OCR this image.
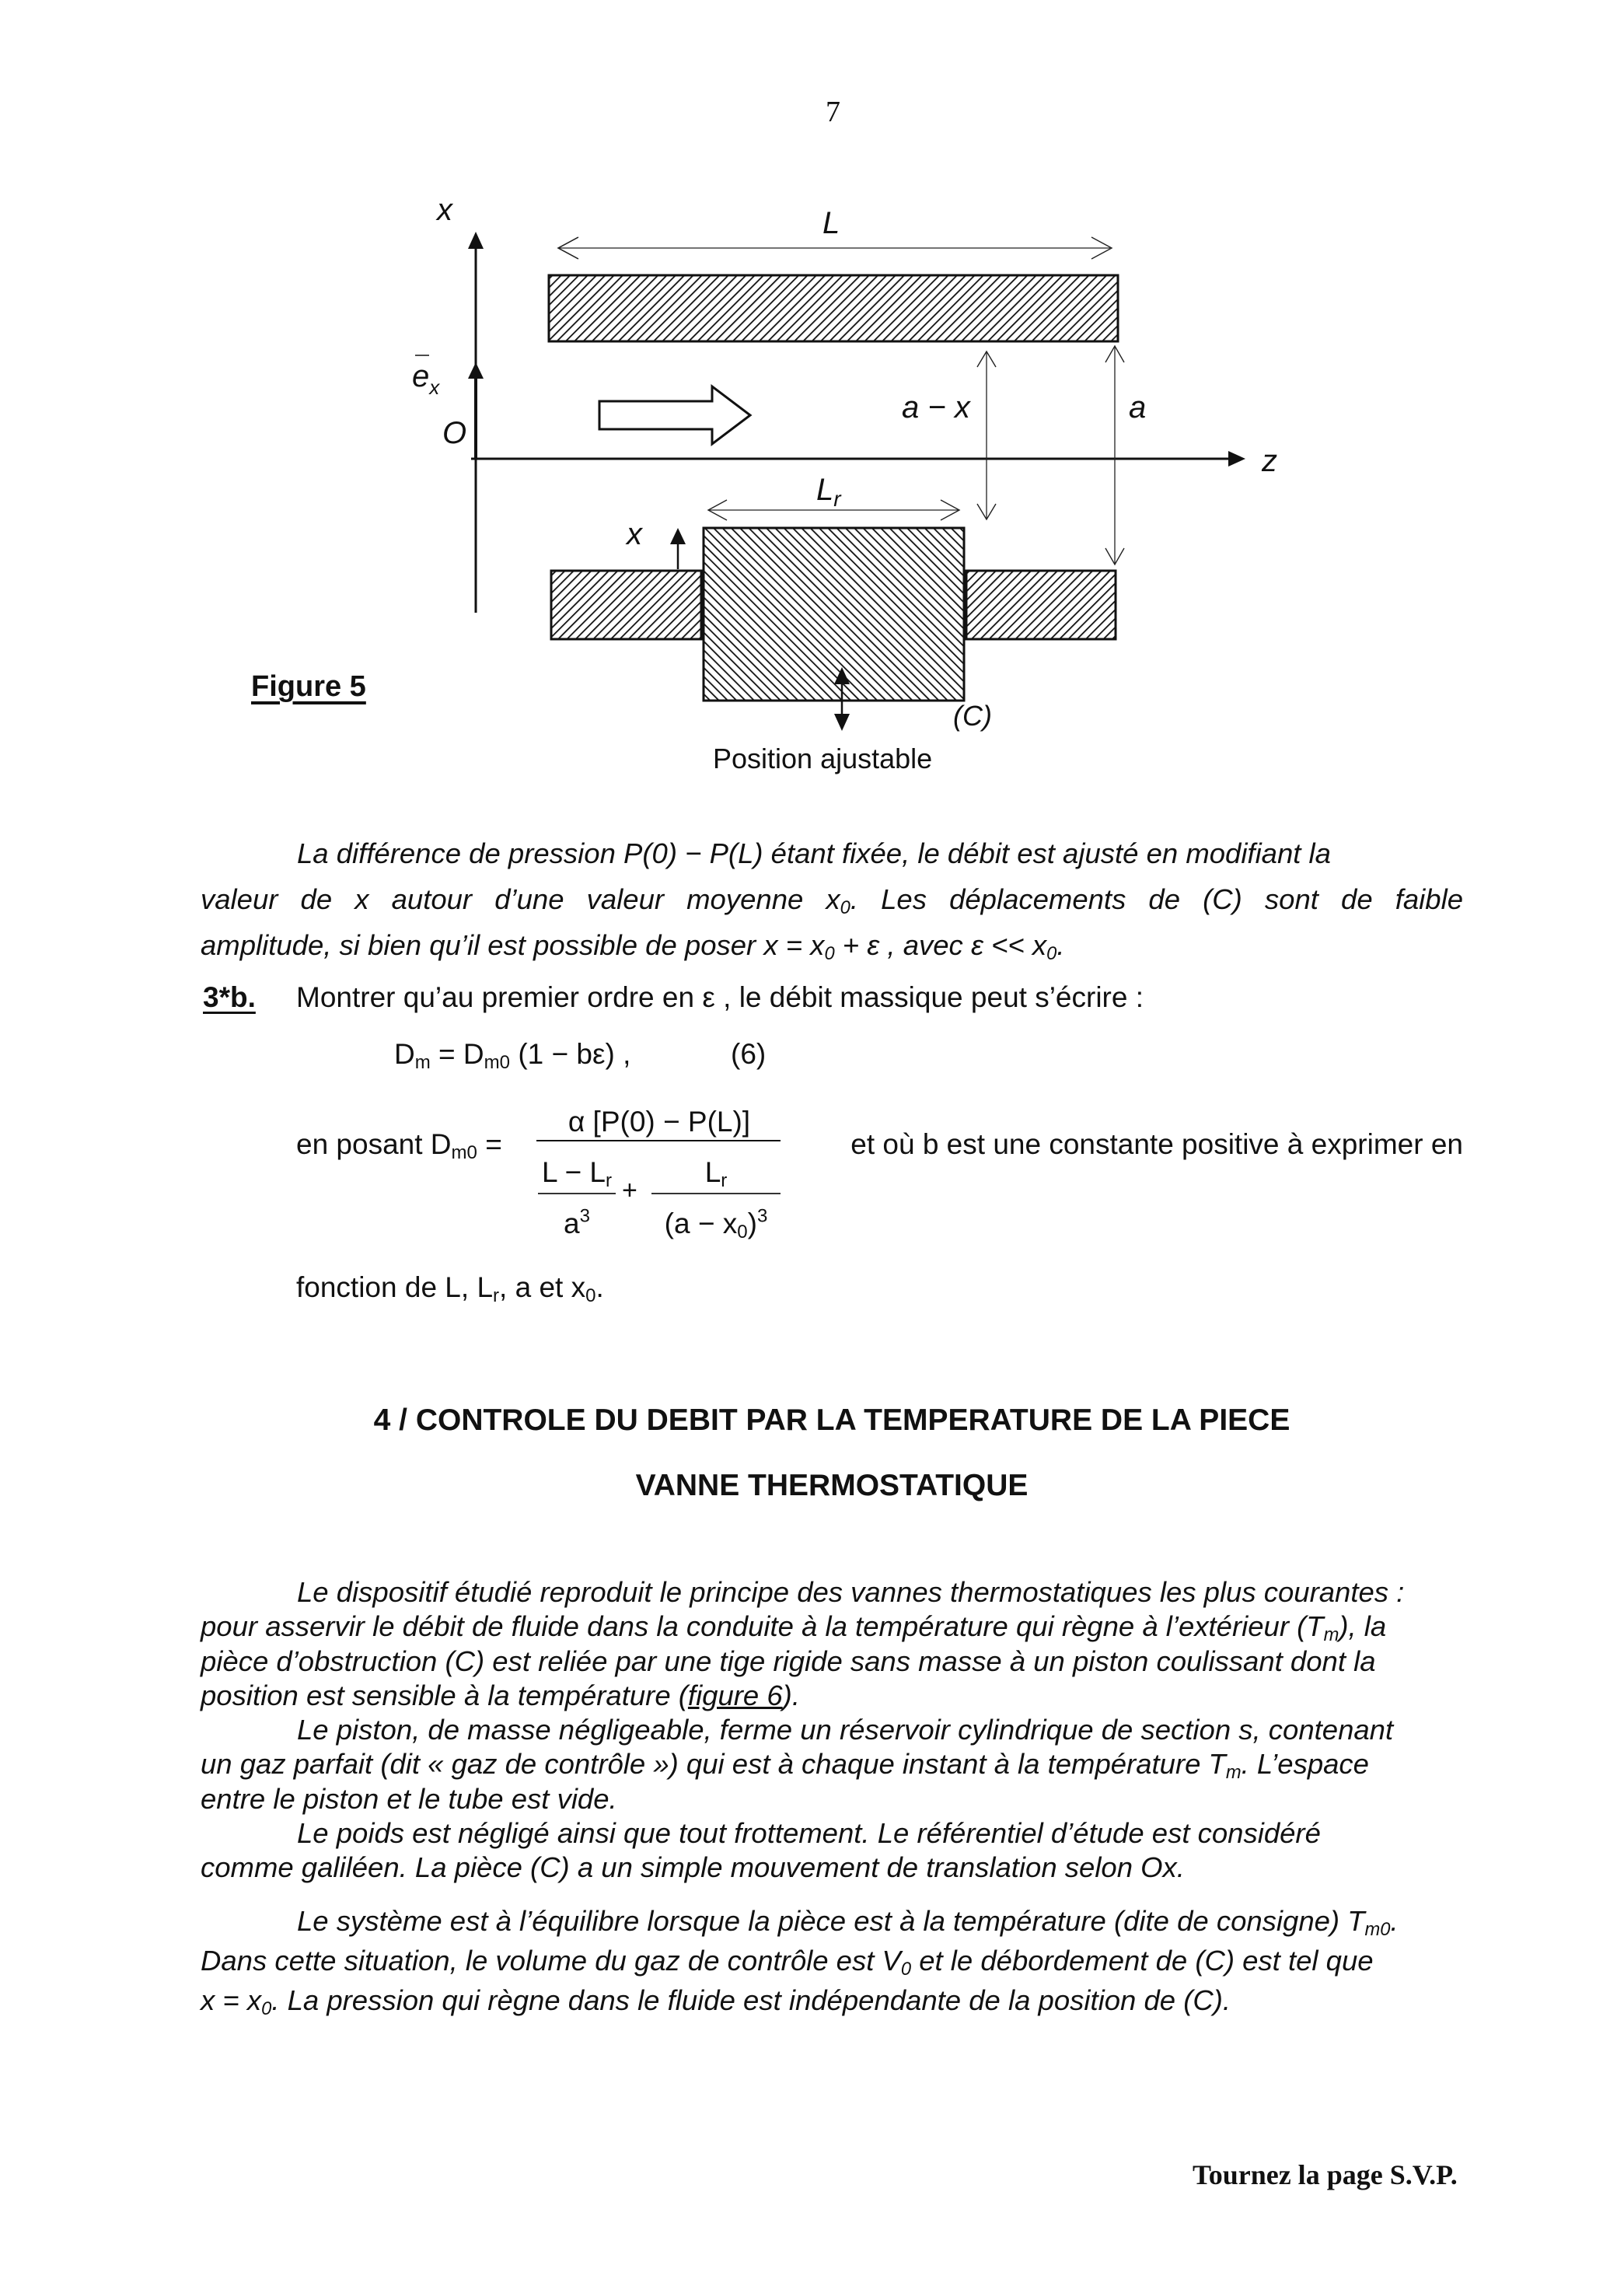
7
x
z
$e_x$
O
L
$L_r$
a − x	a
x
(C)
Position ajustable
Figure 5
La différence de pression P(0) − P(L) étant fixée, le débit est ajusté en modifiant la
valeur de x autour d’une valeur moyenne $x_0$. Les déplacements de (C) sont de faible
amplitude, si bien qu’il est possible de poser $x = x_0 + \varepsilon$ , avec $\varepsilon << x_0$.
3*b. Montrer qu’au premier ordre en ε , le débit massique peut s’écrire :
$D_m = D_{m0}$ (1 − bε) ,	(6)
en posant $D_{m0}$ =
α [P(0) − P(L)]
$L - L_r$
$a^3$
+
$L_r$
$(a - x_0)^3$
et où b est une constante positive à exprimer en
fonction de L, $L_r$, a et $x_0$.
4 / CONTROLE DU DEBIT PAR LA TEMPERATURE DE LA PIECE
VANNE THERMOSTATIQUE
Le dispositif étudié reproduit le principe des vannes thermostatiques les plus courantes :
pour asservir le débit de fluide dans la conduite à la température qui règne à l’extérieur $(T_m)$, la
pièce d’obstruction (C) est reliée par une tige rigide sans masse à un piston coulissant dont la
position est sensible à la température (figure 6).
Le piston, de masse négligeable, ferme un réservoir cylindrique de section s, contenant
un gaz parfait (dit « gaz de contrôle ») qui est à chaque instant à la température $T_m$. L’espace
entre le piston et le tube est vide.
Le poids est négligé ainsi que tout frottement. Le référentiel d’étude est considéré
comme galiléen. La pièce (C) a un simple mouvement de translation selon Ox.
Le système est à l’équilibre lorsque la pièce est à la température (dite de consigne) $T_{m0}$.
Dans cette situation, le volume du gaz de contrôle est $V_0$ et le débordement de (C) est tel que
$x = x_0$. La pression qui règne dans le fluide est indépendante de la position de (C).
Tournez la page S.V.P.
